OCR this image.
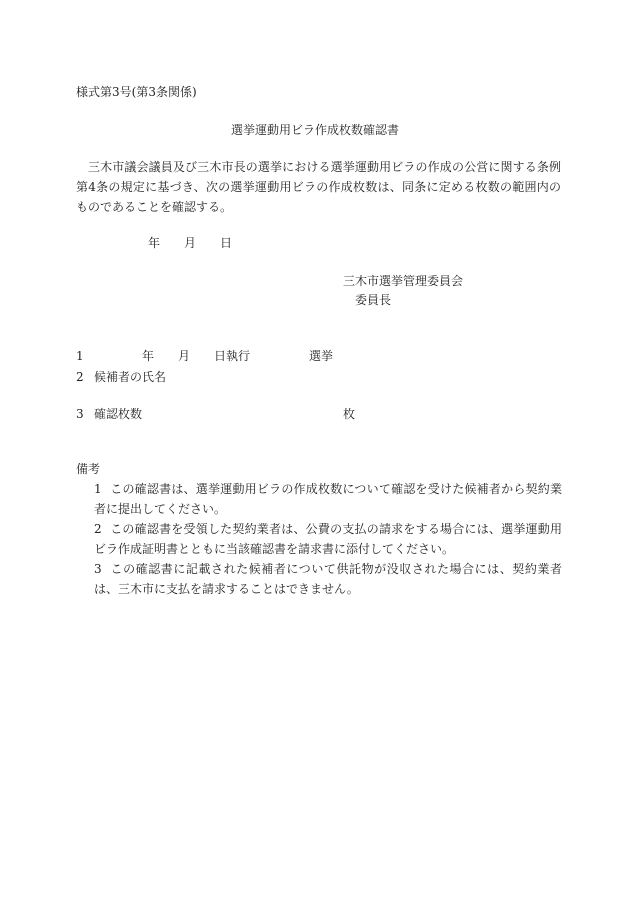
様式第3号(第3条関係)
選挙運動用ビラ作成枚数確認書
三木市議会議員及び三木市長の選挙における選挙運動用ビラの作成の公営に関する条例第4条の規定に基づき、次の選挙運動用ビラの作成枚数は、同条に定める枚数の範囲内のものであることを確認する。
年 月 日
三木市選挙管理委員会
委員長
1	年 月 日執行	選挙
2 候補者の氏名
3 確認枚数	枚
備考
1 この確認書は、選挙運動用ビラの作成枚数について確認を受けた候補者から契約業者に提出してください。
2 この確認書を受領した契約業者は、公費の支払の請求をする場合には、選挙運動用ビラ作成証明書とともに当該確認書を請求書に添付してください。
3 この確認書に記載された候補者について供託物が没収された場合には、契約業者は、三木市に支払を請求することはできません。
